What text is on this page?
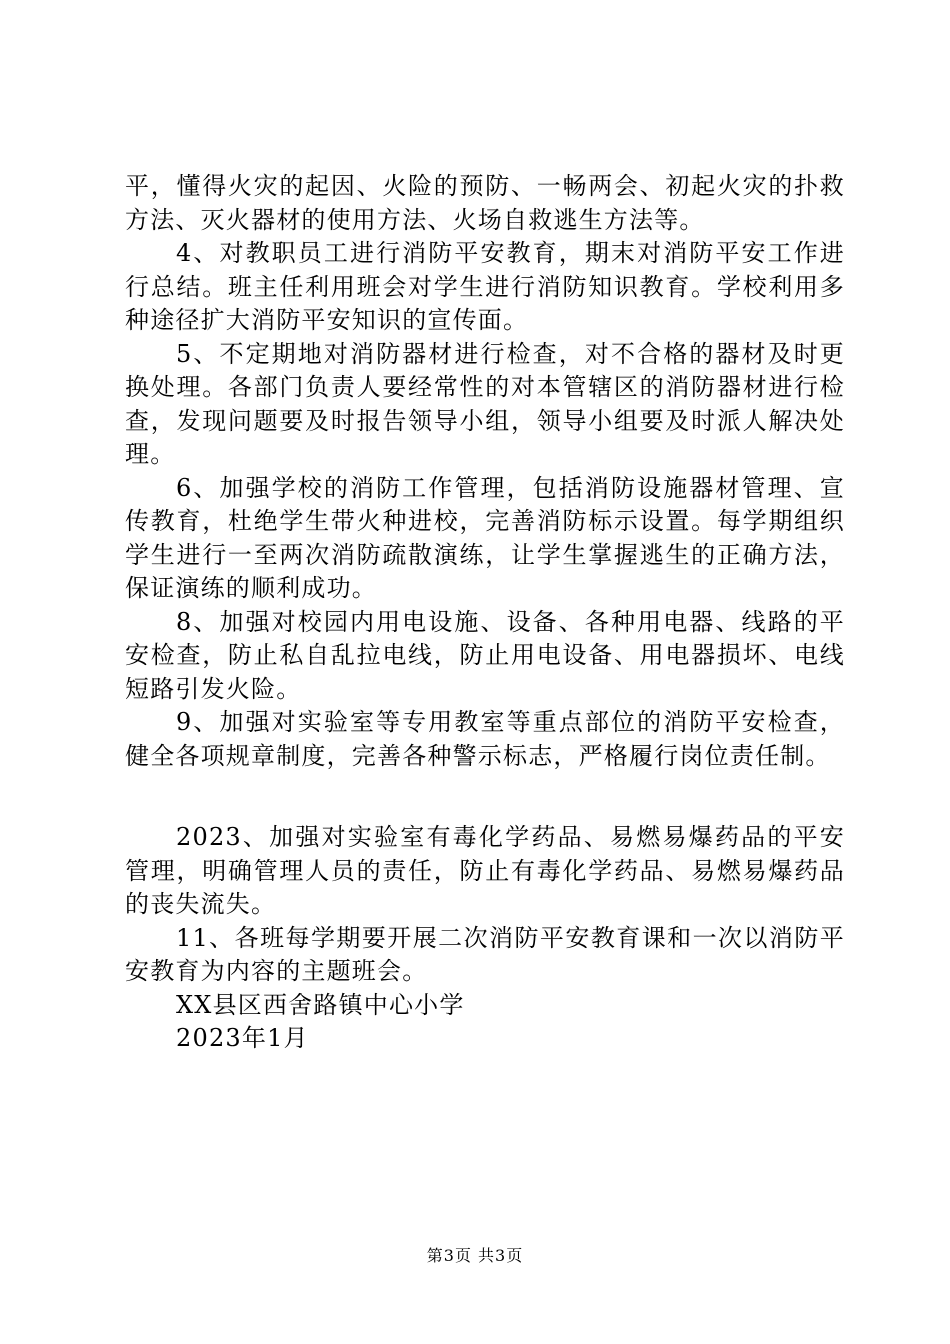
平，懂得火灾的起因、火险的预防、一畅两会、初起火灾的扑救方法、灭火器材的使用方法、火场自救逃生方法等。

4、对教职员工进行消防平安教育，期末对消防平安工作进行总结。班主任利用班会对学生进行消防知识教育。学校利用多种途径扩大消防平安知识的宣传面。

5、不定期地对消防器材进行检查，对不合格的器材及时更换处理。各部门负责人要经常性的对本管辖区的消防器材进行检查，发现问题要及时报告领导小组，领导小组要及时派人解决处理。

6、加强学校的消防工作管理，包括消防设施器材管理、宣传教育，杜绝学生带火种进校，完善消防标示设置。每学期组织学生进行一至两次消防疏散演练，让学生掌握逃生的正确方法，保证演练的顺利成功。

8、加强对校园内用电设施、设备、各种用电器、线路的平安检查，防止私自乱拉电线，防止用电设备、用电器损坏、电线短路引发火险。

9、加强对实验室等专用教室等重点部位的消防平安检查，健全各项规章制度，完善各种警示标志，严格履行岗位责任制。

2023、加强对实验室有毒化学药品、易燃易爆药品的平安管理，明确管理人员的责任，防止有毒化学药品、易燃易爆药品的丧失流失。

11、各班每学期要开展二次消防平安教育课和一次以消防平安教育为内容的主题班会。

XX县区西舍路镇中心小学

2023年1月

第3页 共3页
